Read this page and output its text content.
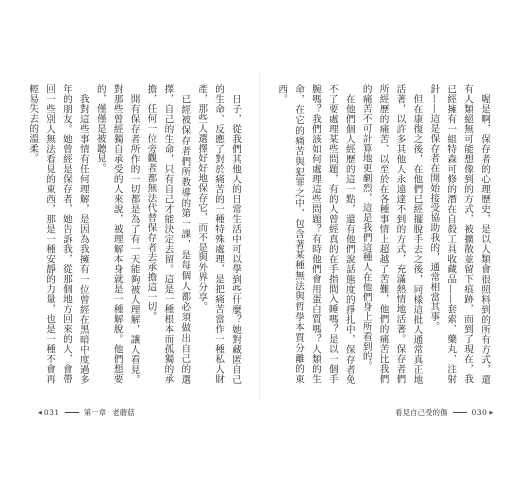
日子，從我們其他人的日常生活中可以學到些什麼？她對藏匿自己的生命、反應了對於痛苦的一種特殊處理，是把痛苦當作一種私人財產，那些人選擇好好地保存它，而不是與外界分享。

已經被保存者們所教導的第一課，是每個人都必須做出自己的選擇，自己的生命，只有自己才能決定去留。這是一種根本而孤獨的承擔，任何一位旁觀者都無法代替保存者去承擔這一切。

開有保存者所作的一切都是為了有一天能夠被人理解，讓人看見。對那些曾經獨自承受的人來說，被理解本身就是一種解脫。他們想要的，僅僅是被聽見。

我對這些事情有任何理解，是因為我擁有一位曾經在黑暗中度過多年的朋友。她曾經是保存者，她告訴我，從那個地方回來的人，會帶回一些別人無法看見的東西，那是一種安靜的力量，也是一種不會再輕易失去的溫柔。

◀ 031	第一章 老蘑菇

喔是啊，保存者的心理歷史，是以人類會很照料到的所有方式，還有人類絕無可能想像到的方式，被擴散並留下痕跡，而到了現在，我已經擁有一組特森可修的潛在自殺工具收藏品——套索、藥丸、注射針——這是保存者在開始接受協助我的，通常相當其事。

但在康復之後，在他們已經擺脫手去之後，同樣這批人通常真正地活著，以許多其他人永遠達不到的方式，充滿熱情地活著。保存者們所經歷的痛苦、以至於在各種事情上超越了苦難，他們的痛苦比我們的痛苦不可計算地更劇烈，這是我們這種人在他們身上所看到的。

在他們個人經歷的這一點，還有他們說話態度的掙扎中，保存者免不了要處理某些問題，有的人曾經真的在手指間入睡嗎？是以一個手腕嗎？我們該如何處理這些問題？有時他們會用蛋白質嗎？人類的生命，在它的痛苦與犯罪之中，包含著某種無法與哲學本質分離的東西。

看見自己受的傷	030 ▶
